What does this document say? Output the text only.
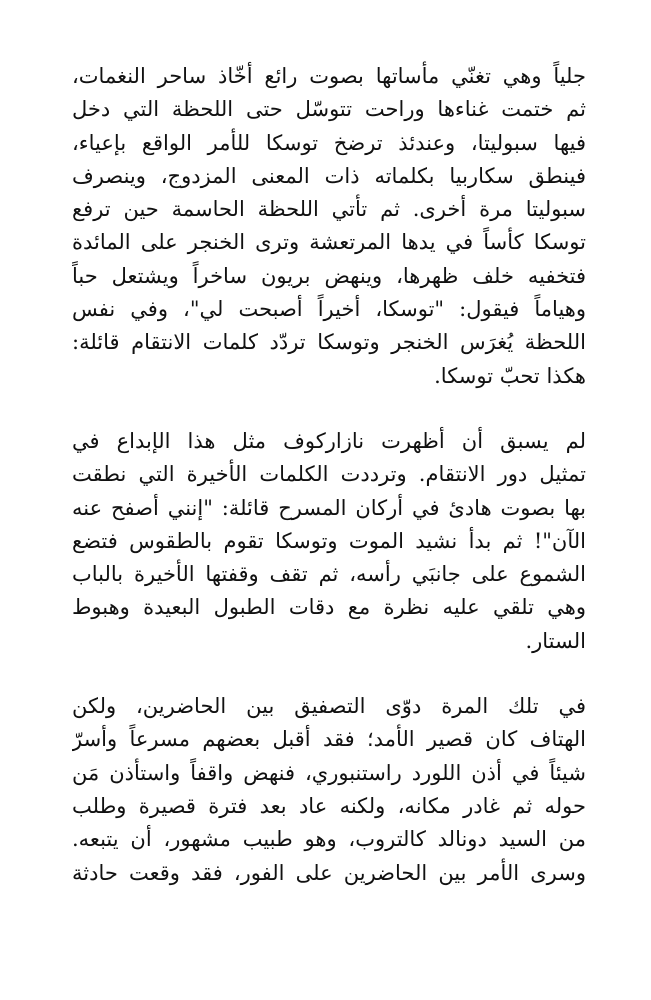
جلياً وهي تغنّي مأساتها بصوت رائع أخّاذ ساحر النغمات،
ثم ختمت غناءها وراحت تتوسّل حتى اللحظة التي دخل
فيها سبوليتا، وعندئذ ترضخ توسكا للأمر الواقع بإعياء،
فينطق سكاربيا بكلماته ذات المعنى المزدوج، وينصرف
سبوليتا مرة أخرى. ثم تأتي اللحظة الحاسمة حين ترفع
توسكا كأساً في يدها المرتعشة وترى الخنجر على المائدة
فتخفيه خلف ظهرها، وينهض بريون ساخراً ويشتعل حباً
وهياماً فيقول: "توسكا، أخيراً أصبحت لي"، وفي نفس
اللحظة يُغرَس الخنجر وتوسكا تردّد كلمات الانتقام قائلة:
هكذا تحبّ توسكا.
لم يسبق أن أظهرت نازاركوف مثل هذا الإبداع في
تمثيل دور الانتقام. وترددت الكلمات الأخيرة التي نطقت
بها بصوت هادئ في أركان المسرح قائلة: "إنني أصفح عنه
الآن"! ثم بدأ نشيد الموت وتوسكا تقوم بالطقوس فتضع
الشموع على جانبَي رأسه، ثم تقف وقفتها الأخيرة بالباب
وهي تلقي عليه نظرة مع دقات الطبول البعيدة وهبوط
الستار.
في تلك المرة دوّى التصفيق بين الحاضرين، ولكن
الهتاف كان قصير الأمد؛ فقد أقبل بعضهم مسرعاً وأسرّ
شيئاً في أذن اللورد راستنبوري، فنهض واقفاً واستأذن مَن
حوله ثم غادر مكانه، ولكنه عاد بعد فترة قصيرة وطلب
من السيد دونالد كالتروب، وهو طبيب مشهور، أن يتبعه.
وسرى الأمر بين الحاضرين على الفور، فقد وقعت حادثة
